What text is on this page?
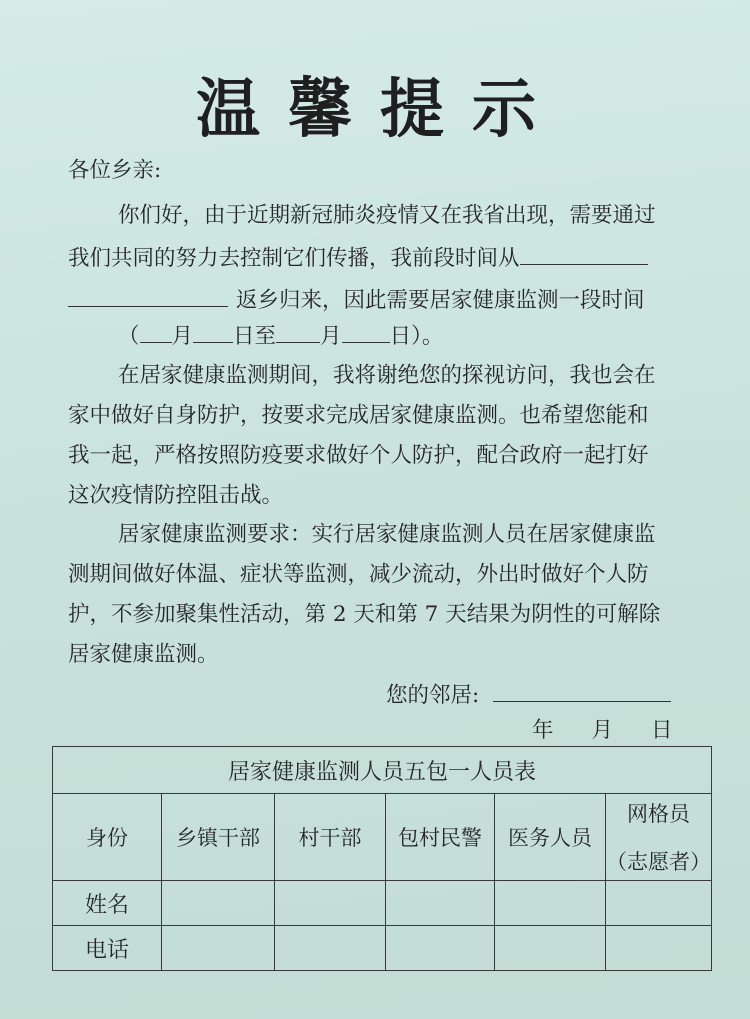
温馨提示
各位乡亲:
你们好，由于近期新冠肺炎疫情又在我省出现，需要通过
我们共同的努力去控制它们传播，我前段时间从
返乡归来，因此需要居家健康监测一段时间
（ 月 日至 月 日）。
在居家健康监测期间，我将谢绝您的探视访问，我也会在
家中做好自身防护，按要求完成居家健康监测。也希望您能和
我一起，严格按照防疫要求做好个人防护，配合政府一起打好
这次疫情防控阻击战。
居家健康监测要求：实行居家健康监测人员在居家健康监
测期间做好体温、症状等监测，减少流动，外出时做好个人防
护，不参加聚集性活动，第 2 天和第 7 天结果为阴性的可解除
居家健康监测。
您的邻居:
年 月 日
居家健康监测人员五包一人员表					
身份	乡镇干部	村干部	包村民警	医务人员	网格员
（志愿者）

姓名					
电话					
